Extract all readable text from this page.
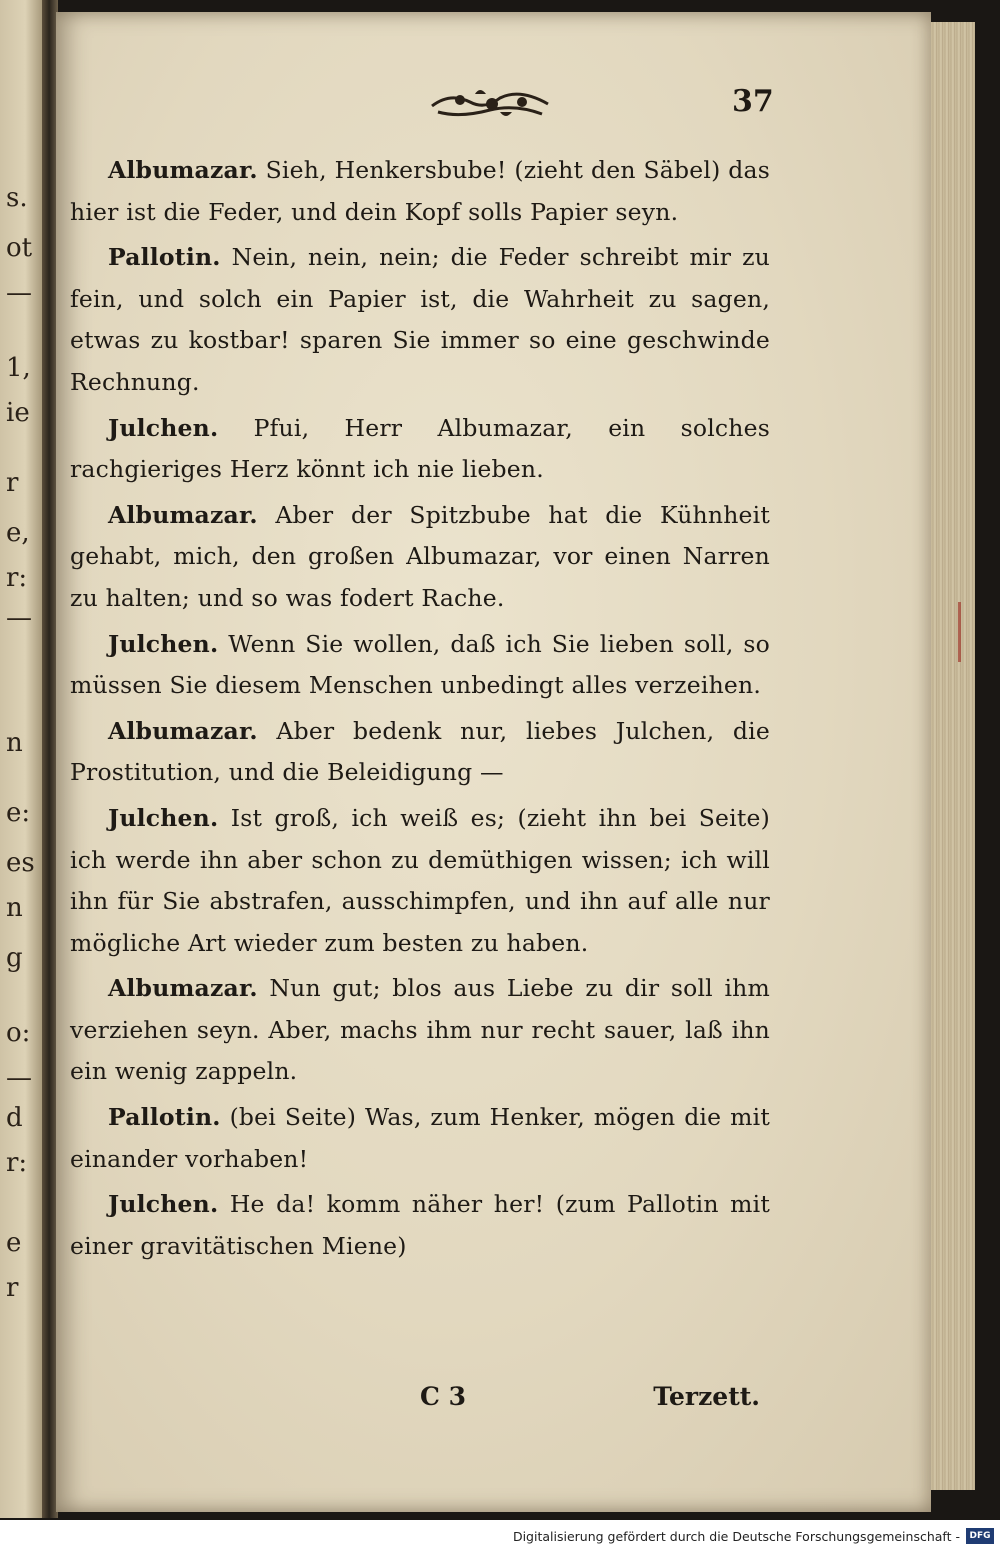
s.
ot
—
1,
ie
r
e,
r:
—
n
e:
es
n
g
o:
—
d
r:
e
r
37

Albumazar. Sieh, Henkersbube! (zieht den Säbel) das hier ist die Feder, und dein Kopf solls Papier seyn.

Pallotin. Nein, nein, nein; die Feder schreibt mir zu fein, und solch ein Papier ist, die Wahrheit zu sagen, etwas zu kostbar! sparen Sie immer so eine geschwinde Rechnung.

Julchen. Pfui, Herr Albumazar, ein solches rachgieriges Herz könnt ich nie lieben.

Albumazar. Aber der Spitzbube hat die Kühnheit gehabt, mich, den großen Albumazar, vor einen Narren zu halten; und so was fodert Rache.

Julchen. Wenn Sie wollen, daß ich Sie lieben soll, so müssen Sie diesem Menschen unbedingt alles verzeihen.

Albumazar. Aber bedenk nur, liebes Julchen, die Prostitution, und die Beleidigung —

Julchen. Ist groß, ich weiß es; (zieht ihn bei Seite) ich werde ihn aber schon zu demüthigen wissen; ich will ihn für Sie abstrafen, ausschimpfen, und ihn auf alle nur mögliche Art wieder zum besten zu haben.

Albumazar. Nun gut; blos aus Liebe zu dir soll ihm verziehen seyn. Aber, machs ihm nur recht sauer, laß ihn ein wenig zappeln.

Pallotin. (bei Seite) Was, zum Henker, mögen die mit einander vorhaben!

Julchen. He da! komm näher her! (zum Pallotin mit einer gravitätischen Miene)

C 3	Terzett.
Digitalisierung gefördert durch die Deutsche Forschungsgemeinschaft -	DFG
